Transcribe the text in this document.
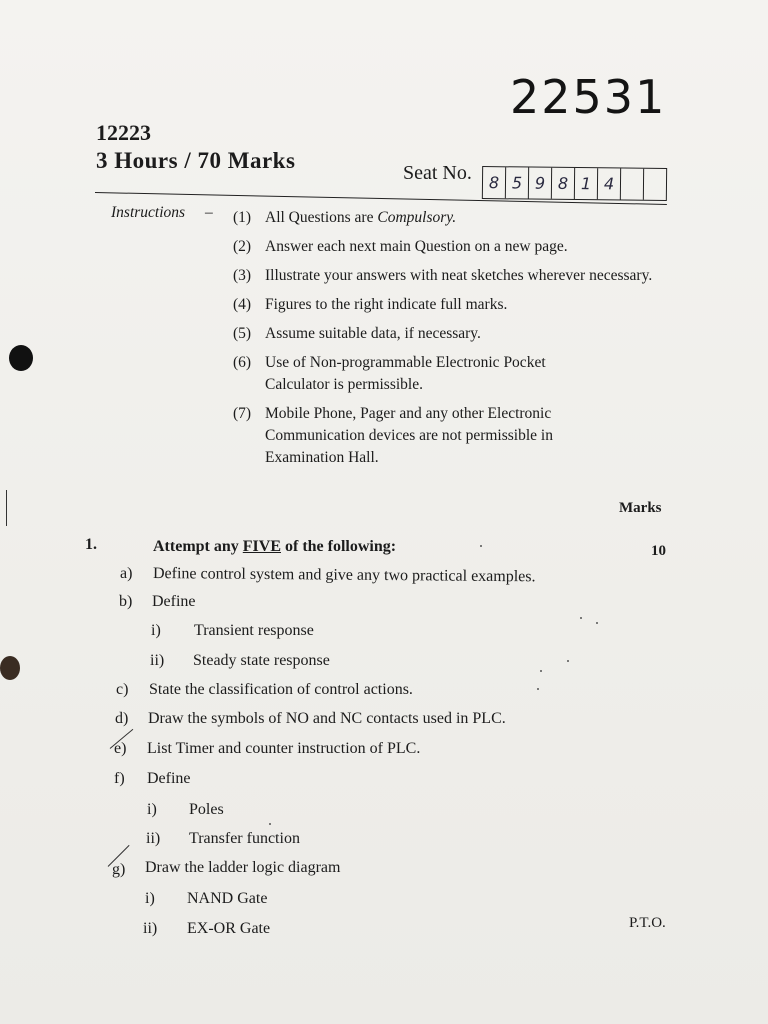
22531
12223
3 Hours / 70 Marks	Seat No.	8 5 9 8 1 4
Instructions – (1) All Questions are Compulsory.
(2) Answer each next main Question on a new page.
(3) Illustrate your answers with neat sketches wherever necessary.
(4) Figures to the right indicate full marks.
(5) Assume suitable data, if necessary.
(6) Use of Non-programmable Electronic Pocket Calculator is permissible.
(7) Mobile Phone, Pager and any other Electronic Communication devices are not permissible in Examination Hall.
Marks
1.	Attempt any FIVE of the following:	10
a) Define control system and give any two practical examples.
b) Define
i) Transient response
ii) Steady state response
c) State the classification of control actions.
d) Draw the symbols of NO and NC contacts used in PLC.
e) List Timer and counter instruction of PLC.
f) Define
i) Poles
ii) Transfer function
g) Draw the ladder logic diagram
i) NAND Gate
ii) EX-OR Gate	P.T.O.
